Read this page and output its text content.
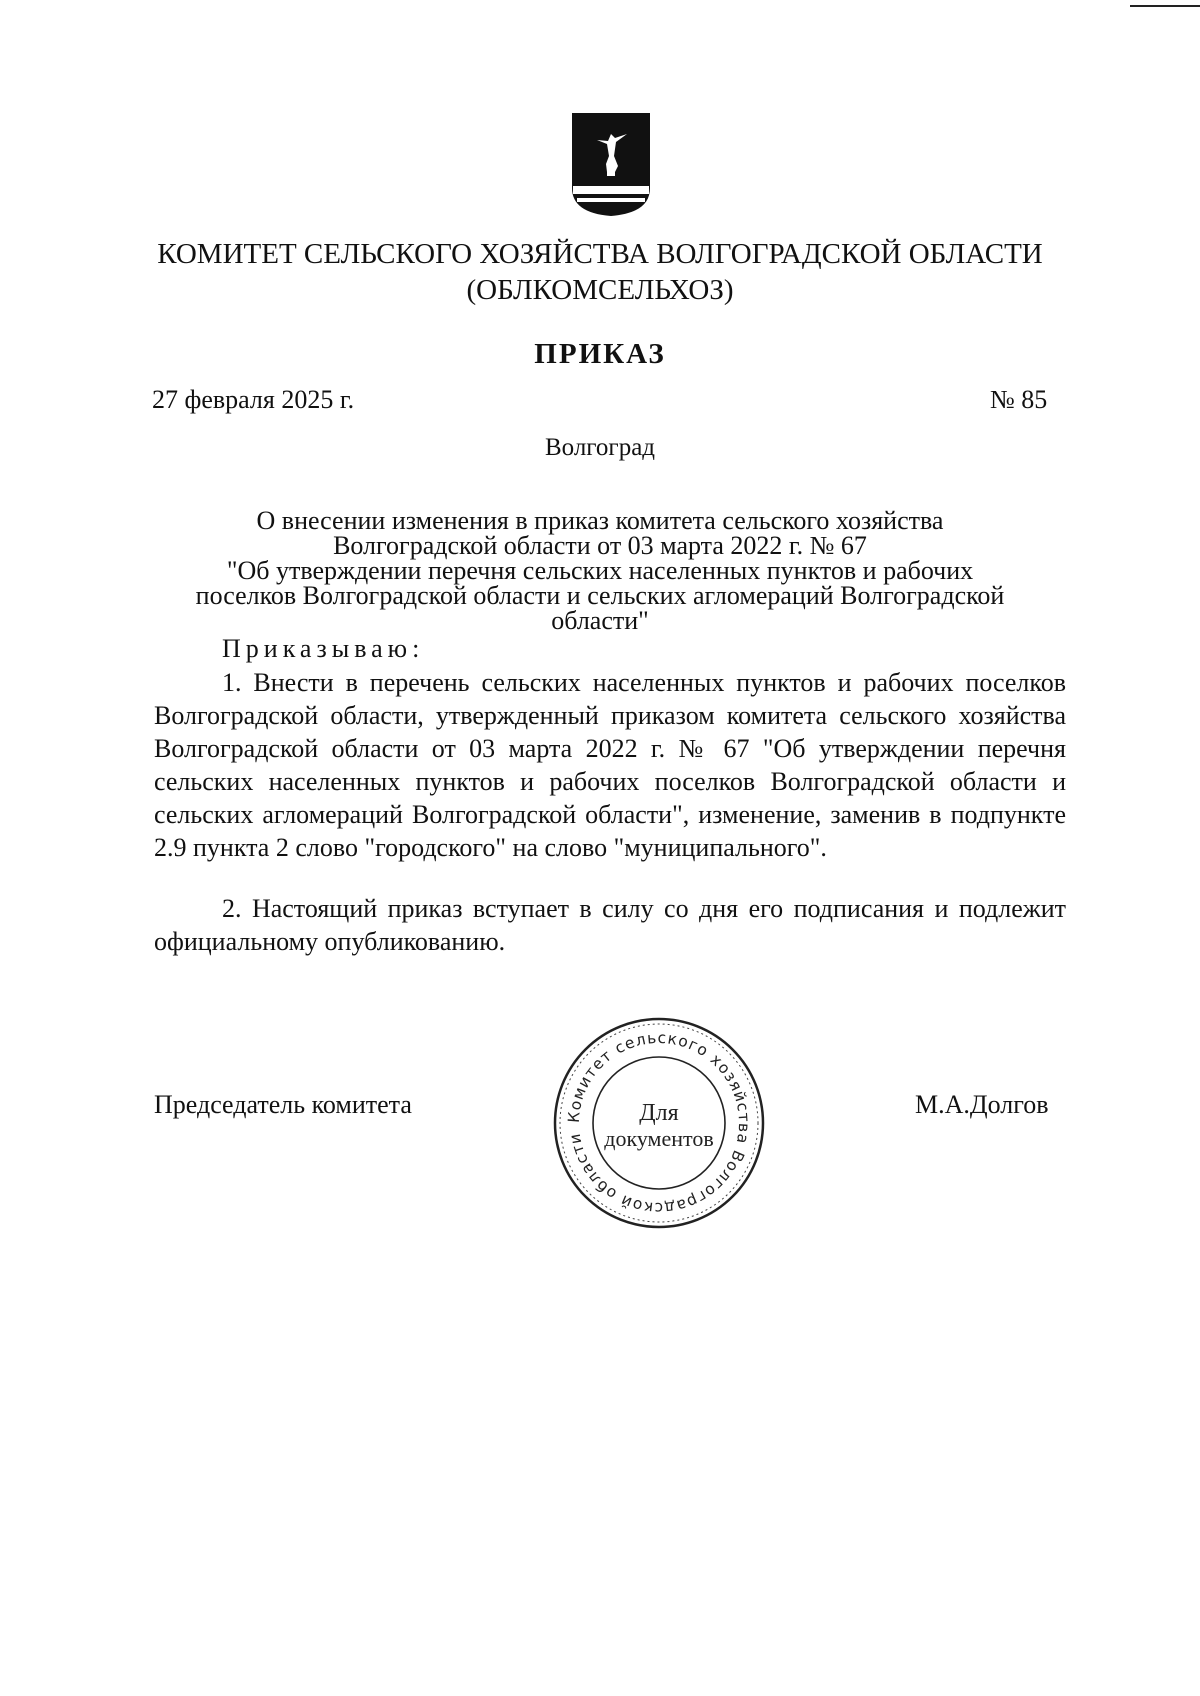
КОМИТЕТ СЕЛЬСКОГО ХОЗЯЙСТВА ВОЛГОГРАДСКОЙ ОБЛАСТИ
(ОБЛКОМСЕЛЬХОЗ)
ПРИКАЗ
27 февраля 2025 г.	№ 85
Волгоград
О внесении изменения в приказ комитета сельского хозяйства
Волгоградской области от 03 марта 2022 г. № 67
"Об утверждении перечня сельских населенных пунктов и рабочих
поселков Волгоградской области и сельских агломераций Волгоградской
области"
Приказываю:
1. Внести в перечень сельских населенных пунктов и рабочих поселков Волгоградской области, утвержденный приказом комитета сельского хозяйства Волгоградской области от 03 марта 2022 г. № 67 "Об утверждении перечня сельских населенных пунктов и рабочих поселков Волгоградской области и сельских агломераций Волгоградской области", изменение, заменив в подпункте 2.9 пункта 2 слово "городского" на слово "муниципального".
2. Настоящий приказ вступает в силу со дня его подписания и подлежит официальному опубликованию.
Председатель комитета	М.А.Долгов
Комитет сельского хозяйства Волгоградской области
Для
документов
